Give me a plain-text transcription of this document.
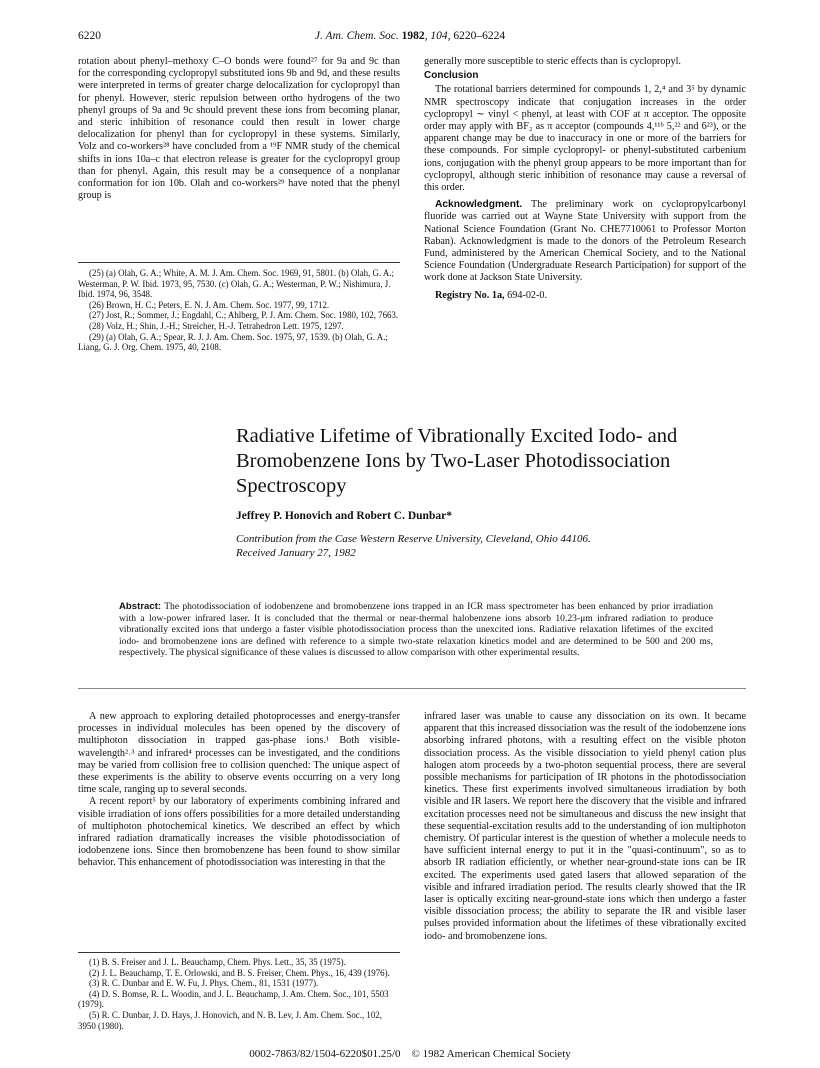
6220	J. Am. Chem. Soc. 1982, 104, 6220–6224

rotation about phenyl–methoxy C–O bonds were found²⁷ for 9a and 9c than for the corresponding cyclopropyl substituted ions 9b and 9d, and these results were interpreted in terms of greater charge delocalization for cyclopropyl than for phenyl. However, steric repulsion between ortho hydrogens of the two phenyl groups of 9a and 9c should prevent these ions from becoming planar, and steric inhibition of resonance could then result in lower charge delocalization for phenyl than for cyclopropyl in these systems. Similarly, Volz and co-workers²⁸ have concluded from a ¹⁹F NMR study of the chemical shifts in ions 10a–c that electron release is greater for the cyclopropyl group than for phenyl. Again, this result may be a consequence of a nonplanar conformation for ion 10b. Olah and co-workers²⁹ have noted that the phenyl group is

(25) (a) Olah, G. A.; White, A. M. J. Am. Chem. Soc. 1969, 91, 5801. (b) Olah, G. A.; Westerman, P. W. Ibid. 1973, 95, 7530. (c) Olah, G. A.; Westerman, P. W.; Nishimura, J. Ibid. 1974, 96, 3548.

(26) Brown, H. C.; Peters, E. N. J. Am. Chem. Soc. 1977, 99, 1712.

(27) Jost, R.; Sommer, J.; Engdahl, C.; Ahlberg, P. J. Am. Chem. Soc. 1980, 102, 7663.

(28) Volz, H.; Shin, J.-H.; Streicher, H.-J. Tetrahedron Lett. 1975, 1297.

(29) (a) Olah, G. A.; Spear, R. J. J. Am. Chem. Soc. 1975, 97, 1539. (b) Olah, G. A.; Liang, G. J. Org. Chem. 1975, 40, 2108.

generally more susceptible to steric effects than is cyclopropyl.

Conclusion

The rotational barriers determined for compounds 1, 2,⁴ and 3⁵ by dynamic NMR spectroscopy indicate that conjugation increases in the order cyclopropyl ∼ vinyl < phenyl, at least with COF at π acceptor. The opposite order may apply with BF₂ as π acceptor (compounds 4,¹¹ᵇ 5,²² and 6²³), or the apparent change may be due to inaccuracy in one or more of the barriers for these compounds. For simple cyclopropyl- or phenyl-substituted carbenium ions, conjugation with the phenyl group appears to be more important than for cyclopropyl, although steric inhibition of resonance may cause a reversal of this order.

Acknowledgment. The preliminary work on cyclopropylcarbonyl fluoride was carried out at Wayne State University with support from the National Science Foundation (Grant No. CHE7710061 to Professor Morton Raban). Acknowledgment is made to the donors of the Petroleum Research Fund, administered by the American Chemical Society, and to the National Science Foundation (Undergraduate Research Participation) for support of the work done at Jackson State University.

Registry No. 1a, 694-02-0.

Radiative Lifetime of Vibrationally Excited Iodo- and Bromobenzene Ions by Two-Laser Photodissociation Spectroscopy
Jeffrey P. Honovich and Robert C. Dunbar*
Contribution from the Case Western Reserve University, Cleveland, Ohio 44106.
Received January 27, 1982
Abstract: The photodissociation of iodobenzene and bromobenzene ions trapped in an ICR mass spectrometer has been enhanced by prior irradiation with a low-power infrared laser. It is concluded that the thermal or near-thermal halobenzene ions absorb 10.23-μm infrared radiation to produce vibrationally excited ions that undergo a faster visible photodissociation process than the unexcited ions. Radiative relaxation lifetimes of the excited iodo- and bromobenzene ions are defined with reference to a simple two-state relaxation kinetics model and are determined to be 500 and 200 ms, respectively. The physical significance of these values is discussed to allow comparison with other experimental results.

A new approach to exploring detailed photoprocesses and energy-transfer processes in individual molecules has been opened by the discovery of multiphoton dissociation in trapped gas-phase ions.¹ Both visible-wavelength²˒³ and infrared⁴ processes can be investigated, and the conditions may be varied from collision free to collision quenched: The unique aspect of these experiments is the ability to observe events occurring on a very long time scale, ranging up to several seconds.

A recent report⁵ by our laboratory of experiments combining infrared and visible irradiation of ions offers possibilities for a more detailed understanding of multiphoton photochemical kinetics. We described an effect by which infrared radiation dramatically increases the visible photodissociation of iodobenzene ions. Since then bromobenzene has been found to show similar behavior. This enhancement of photodissociation was interesting in that the

(1) B. S. Freiser and J. L. Beauchamp, Chem. Phys. Lett., 35, 35 (1975).

(2) J. L. Beauchamp, T. E. Orlowski, and B. S. Freiser, Chem. Phys., 16, 439 (1976).

(3) R. C. Dunbar and E. W. Fu, J. Phys. Chem., 81, 1531 (1977).

(4) D. S. Bomse, R. L. Woodin, and J. L. Beauchamp, J. Am. Chem. Soc., 101, 5503 (1979).

(5) R. C. Dunbar, J. D. Hays, J. Honovich, and N. B. Lev, J. Am. Chem. Soc., 102, 3950 (1980).

infrared laser was unable to cause any dissociation on its own. It became apparent that this increased dissociation was the result of the iodobenzene ions absorbing infrared photons, with a resulting effect on the visible photon dissociation process. As the visible dissociation to yield phenyl cation plus halogen atom proceeds by a two-photon sequential process, there are several possible mechanisms for participation of IR photons in the photodissociation kinetics. These first experiments involved simultaneous irradiation by both visible and IR lasers. We report here the discovery that the visible and infrared excitation processes need not be simultaneous and discuss the new insight that these sequential-excitation results add to the understanding of ion multiphoton chemistry. Of particular interest is the question of whether a molecule needs to have sufficient internal energy to put it in the "quasi-continuum", so as to absorb IR radiation efficiently, or whether near-ground-state ions can be IR excited. The experiments used gated lasers that allowed separation of the visible and infrared irradiation period. The results clearly showed that the IR laser is optically exciting near-ground-state ions which then undergo a faster visible dissociation process; the ability to separate the IR and visible laser pulses provided information about the lifetimes of these vibrationally excited iodo- and bromobenzene ions.

0002-7863/82/1504-6220$01.25/0 © 1982 American Chemical Society
